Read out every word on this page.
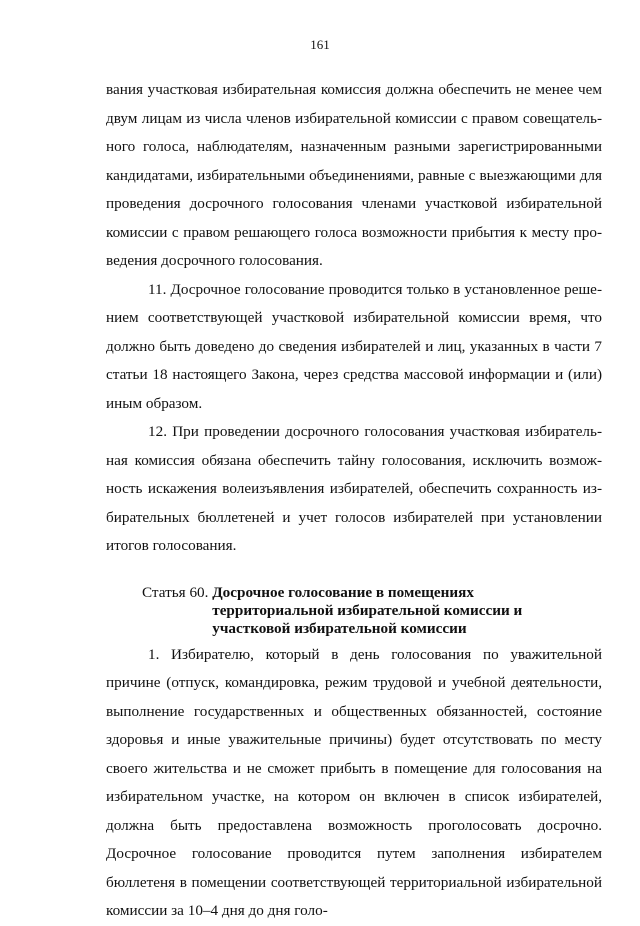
161

вания участковая избирательная комиссия должна обеспечить не менее чем двум лицам из числа членов избирательной комиссии с правом совещательного голоса, наблюдателям, назначенным разными зарегистрированными кандидатами, избирательными объединениями, равные с выезжающими для проведения досрочного голосования членами участковой избирательной комиссии с правом решающего голоса возможности прибытия к месту проведения досрочного голосования.

11. Досрочное голосование проводится только в установленное решением соответствующей участковой избирательной комиссии время, что должно быть доведено до сведения избирателей и лиц, указанных в части 7 статьи 18 настоящего Закона, через средства массовой информации и (или) иным образом.

12. При проведении досрочного голосования участковая избирательная комиссия обязана обеспечить тайну голосования, исключить возможность искажения волеизъявления избирателей, обеспечить сохранность избирательных бюллетеней и учет голосов избирателей при установлении итогов голосования.

Статья 60. Досрочное голосование в помещениях
территориальной избирательной комиссии и
участковой избирательной комиссии

1. Избирателю, который в день голосования по уважительной причине (отпуск, командировка, режим трудовой и учебной деятельности, выполнение государственных и общественных обязанностей, состояние здоровья и иные уважительные причины) будет отсутствовать по месту своего жительства и не сможет прибыть в помещение для голосования на избирательном участке, на котором он включен в список избирателей, должна быть предоставлена возможность проголосовать досрочно. Досрочное голосование проводится путем заполнения избирателем бюллетеня в помещении соответствующей территориальной избирательной комиссии за 10–4 дня до дня голо-
